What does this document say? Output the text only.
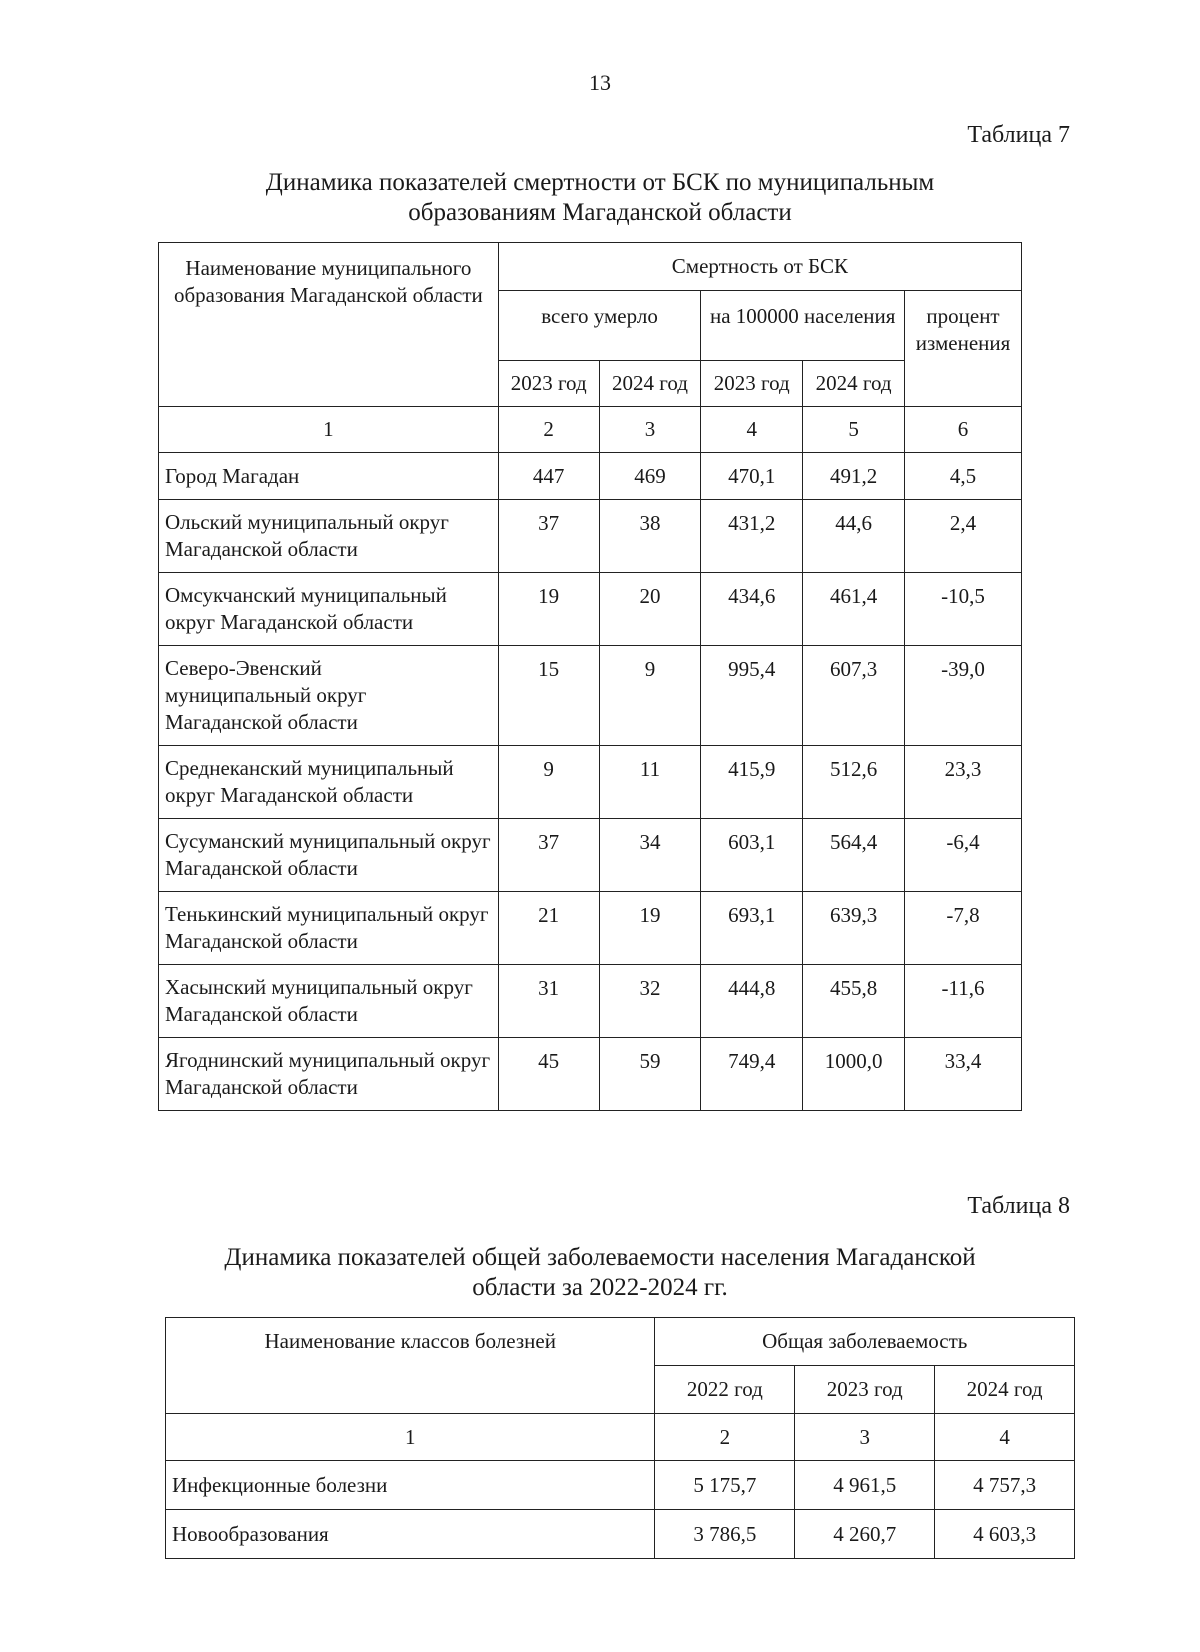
13
Таблица 7
Динамика показателей смертности от БСК по муниципальным
образованиям Магаданской области
Наименование муниципального образования Магаданской области	Смертность от БСК				
	всего умерло		на 100000 населения		процент изменения
	2023 год	2024 год	2023 год	2024 год	
1	2	3	4	5	6
Город Магадан	447	469	470,1	491,2	4,5
Ольский муниципальный округ Магаданской области	37	38	431,2	44,6	2,4
Омсукчанский муниципальный округ Магаданской области	19	20	434,6	461,4	-10,5
Северо-Эвенский муниципальный округ Магаданской области	15	9	995,4	607,3	-39,0
Среднеканский муниципальный округ Магаданской области	9	11	415,9	512,6	23,3
Сусуманский муниципальный округ Магаданской области	37	34	603,1	564,4	-6,4
Тенькинский муниципальный округ Магаданской области	21	19	693,1	639,3	-7,8
Хасынский муниципальный округ Магаданской области	31	32	444,8	455,8	-11,6
Ягоднинский муниципальный округ Магаданской области	45	59	749,4	1000,0	33,4
Таблица 8
Динамика показателей общей заболеваемости населения Магаданской
области за 2022-2024 гг.
Наименование классов болезней	Общая заболеваемость		
	2022 год	2023 год	2024 год
1	2	3	4
Инфекционные болезни	5 175,7	4 961,5	4 757,3
Новообразования	3 786,5	4 260,7	4 603,3
